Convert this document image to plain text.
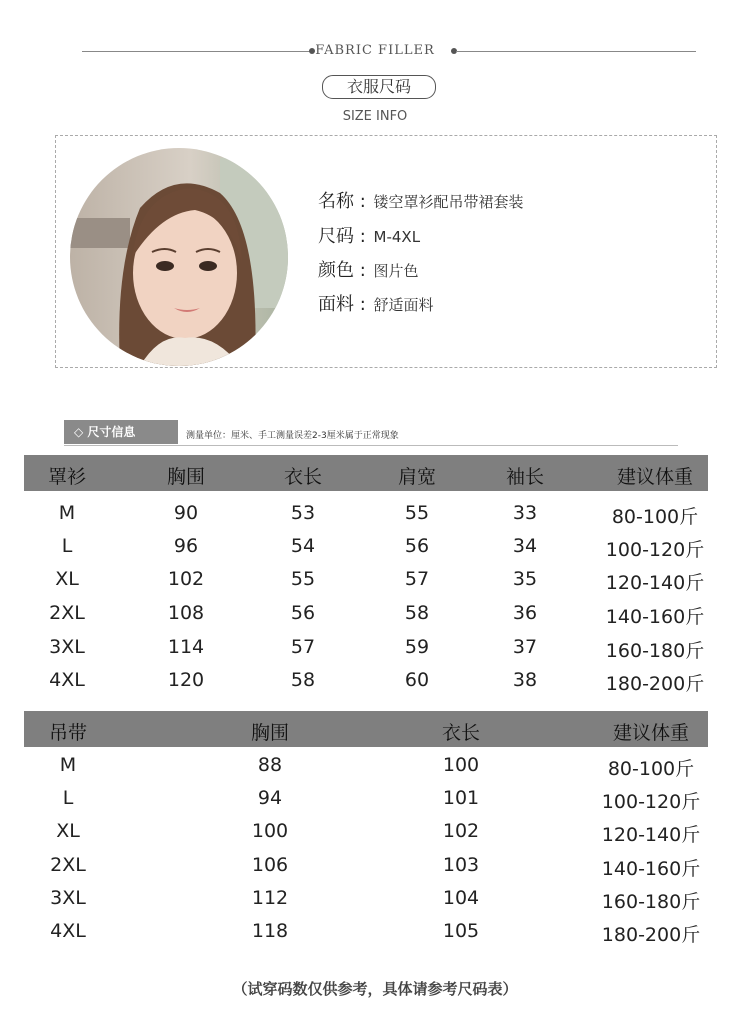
FABRIC FILLER
衣服尺码
SIZE INFO
名称 : 镂空罩衫配吊带裙套装
尺码 : M-4XL
颜色 : 图片色
面料 : 舒适面料
◇ 尺寸信息	测量单位：厘米、手工测量误差2-3厘米属于正常现象
罩衫	胸围	衣长	肩宽	袖长	建议体重
M	90	53	55	33	80-100斤
L	96	54	56	34	100-120斤
XL	102	55	57	35	120-140斤
2XL	108	56	58	36	140-160斤
3XL	114	57	59	37	160-180斤
4XL	120	58	60	38	180-200斤
吊带	胸围	衣长	建议体重
M	88	100	80-100斤
L	94	101	100-120斤
XL	100	102	120-140斤
2XL	106	103	140-160斤
3XL	112	104	160-180斤
4XL	118	105	180-200斤
（试穿码数仅供参考，具体请参考尺码表）
